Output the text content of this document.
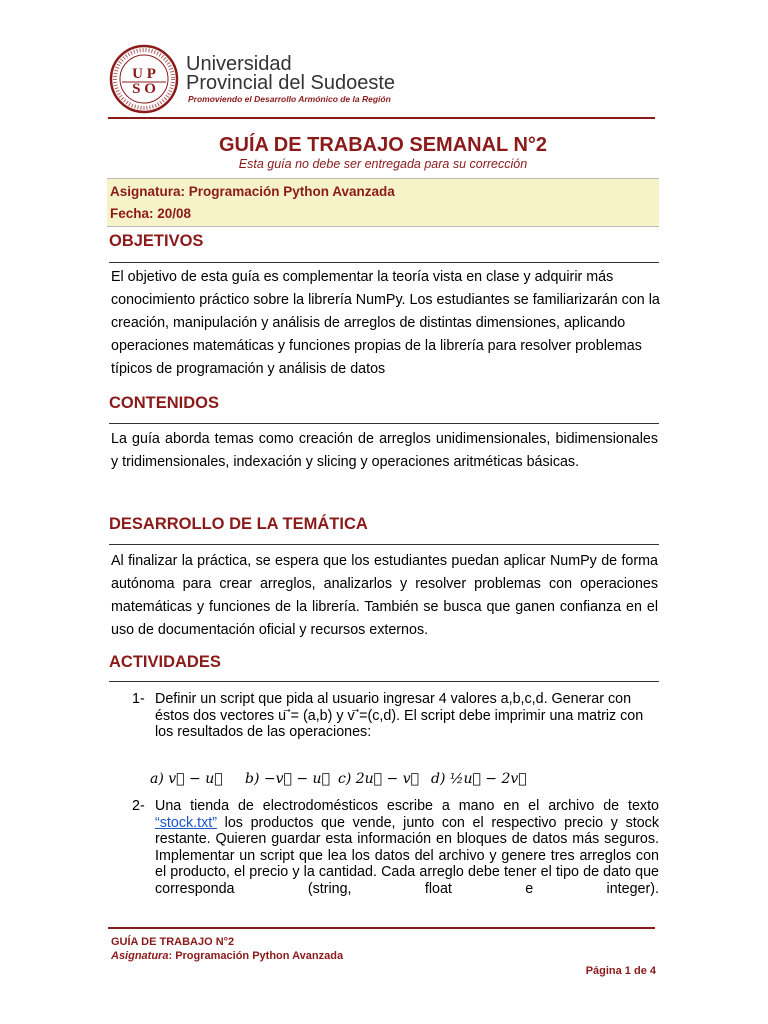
U P
S O
Universidad
Provincial del Sudoeste
Promoviendo el Desarrollo Armónico de la Región
GUÍA DE TRABAJO SEMANAL N°2
Esta guía no debe ser entregada para su corrección
Asignatura: Programación Python Avanzada
Fecha: 20/08
OBJETIVOS
El objetivo de esta guía es complementar la teoría vista en clase y adquirir más
conocimiento práctico sobre la librería NumPy. Los estudiantes se familiarizarán con la
creación, manipulación y análisis de arreglos de distintas dimensiones, aplicando
operaciones matemáticas y funciones propias de la librería para resolver problemas
típicos de programación y análisis de datos
CONTENIDOS
La guía aborda temas como creación de arreglos unidimensionales, bidimensionales y tridimensionales, indexación y slicing y operaciones aritméticas básicas.
DESARROLLO DE LA TEMÁTICA
Al finalizar la práctica, se espera que los estudiantes puedan aplicar NumPy de forma autónoma para crear arreglos, analizarlos y resolver problemas con operaciones matemáticas y funciones de la librería. También se busca que ganen confianza en el uso de documentación oficial y recursos externos.
ACTIVIDADES
1- Definir un script que pida al usuario ingresar 4 valores a,b,c,d. Generar con
éstos dos vectores u ⃗= (a,b) y v ⃗=(c,d). El script debe imprimir una matriz con
los resultados de las operaciones:
a) v⃗ − u⃗ b) −v⃗ − u⃗ c) 2u⃗ − v⃗ d) ½u⃗ − 2v⃗
2- Una tienda de electrodomésticos escribe a mano en el archivo de texto “stock.txt” los productos que vende, junto con el respectivo precio y stock restante. Quieren guardar esta información en bloques de datos más seguros. Implementar un script que lea los datos del archivo y genere tres arreglos con el producto, el precio y la cantidad. Cada arreglo debe tener el tipo de dato que corresponda (string, float e integer).
GUÍA DE TRABAJO N°2
Asignatura: Programación Python Avanzada
Página 1 de 4
